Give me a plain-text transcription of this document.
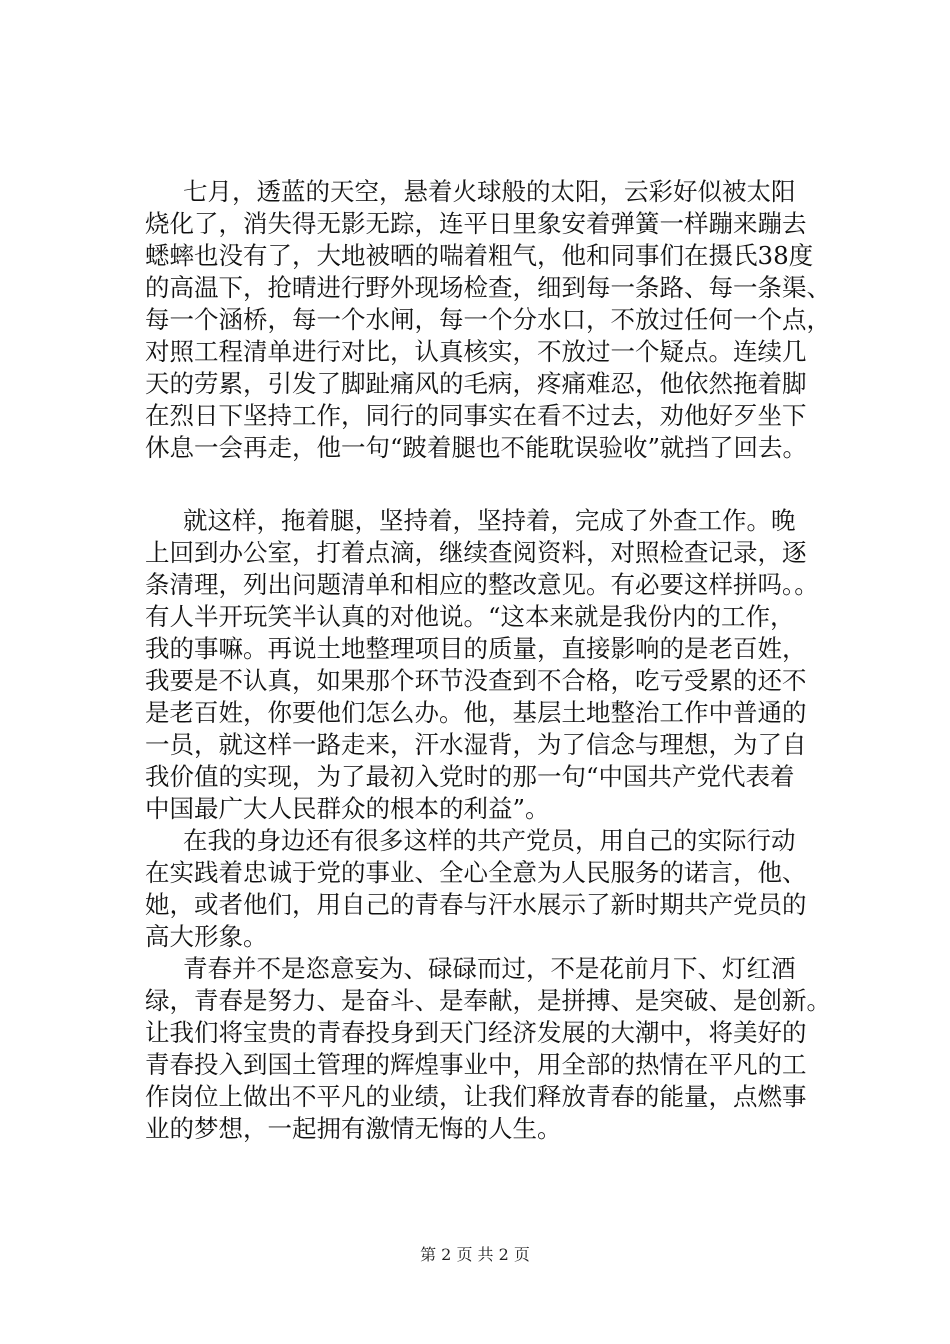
七月，透蓝的天空，悬着火球般的太阳，云彩好似被太阳
烧化了，消失得无影无踪，连平日里象安着弹簧一样蹦来蹦去
蟋蟀也没有了，大地被晒的喘着粗气，他和同事们在摄氏38度
的高温下，抢晴进行野外现场检查，细到每一条路、每一条渠、
每一个涵桥，每一个水闸，每一个分水口，不放过任何一个点，
对照工程清单进行对比，认真核实，不放过一个疑点。连续几
天的劳累，引发了脚趾痛风的毛病，疼痛难忍，他依然拖着脚
在烈日下坚持工作，同行的同事实在看不过去，劝他好歹坐下
休息一会再走，他一句“跛着腿也不能耽误验收”就挡了回去。
就这样，拖着腿，坚持着，坚持着，完成了外查工作。晚
上回到办公室，打着点滴，继续查阅资料，对照检查记录，逐
条清理，列出问题清单和相应的整改意见。有必要这样拼吗。。
有人半开玩笑半认真的对他说。“这本来就是我份内的工作，
我的事嘛。再说土地整理项目的质量，直接影响的是老百姓，
我要是不认真，如果那个环节没查到不合格，吃亏受累的还不
是老百姓，你要他们怎么办。他，基层土地整治工作中普通的
一员，就这样一路走来，汗水湿背，为了信念与理想，为了自
我价值的实现，为了最初入党时的那一句“中国共产党代表着
中国最广大人民群众的根本的利益”。
在我的身边还有很多这样的共产党员，用自己的实际行动
在实践着忠诚于党的事业、全心全意为人民服务的诺言，他、
她，或者他们，用自己的青春与汗水展示了新时期共产党员的
高大形象。
青春并不是恣意妄为、碌碌而过，不是花前月下、灯红酒
绿，青春是努力、是奋斗、是奉献，是拼搏、是突破、是创新。
让我们将宝贵的青春投身到天门经济发展的大潮中，将美好的
青春投入到国土管理的辉煌事业中，用全部的热情在平凡的工
作岗位上做出不平凡的业绩，让我们释放青春的能量，点燃事
业的梦想，一起拥有激情无悔的人生。
第 2 页 共 2 页
